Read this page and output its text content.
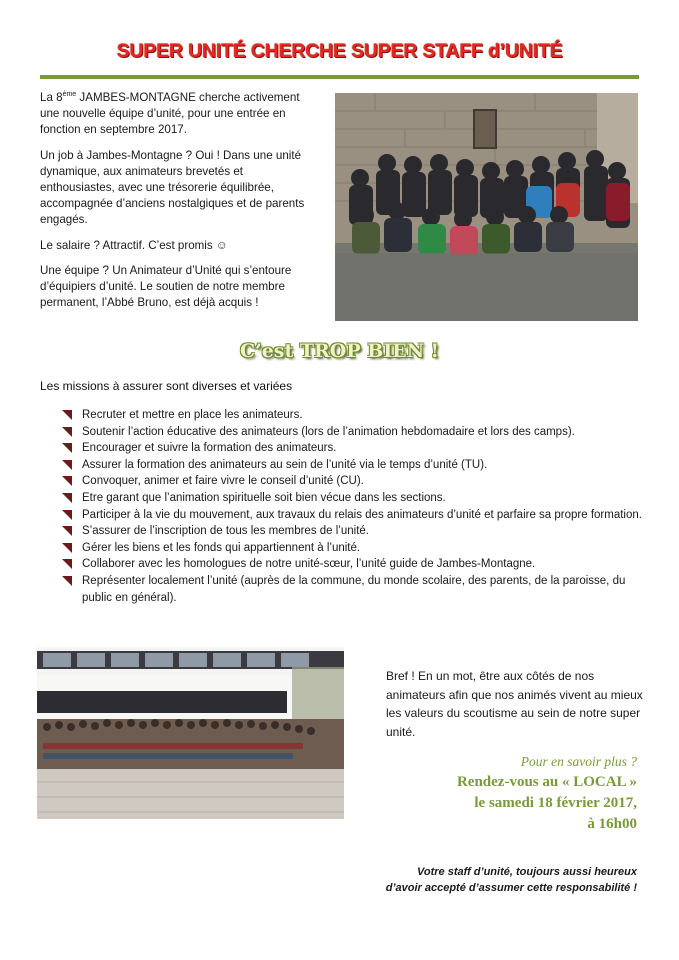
SUPER UNITÉ CHERCHE SUPER STAFF d’UNITÉ

La 8ème JAMBES-MONTAGNE cherche activement une nouvelle équipe d’unité, pour une entrée en fonction en septembre 2017.

Un job à Jambes-Montagne ? Oui ! Dans une unité dynamique, aux animateurs brevetés et enthousiastes, avec une trésorerie équilibrée, accompagnée d’anciens nostalgiques et de parents engagés.

Le salaire ? Attractif. C’est promis ☺

Une équipe ? Un Animateur d’Unité qui s’entoure d’équipiers d’unité. Le soutien de notre membre permanent, l’Abbé Bruno, est déjà acquis !

C’est TROP BIEN !
Les missions à assurer sont diverses et variées
Recruter et mettre en place les animateurs.
Soutenir l’action éducative des animateurs (lors de l’animation hebdomadaire et lors des camps).
Encourager et suivre la formation des animateurs.
Assurer la formation des animateurs au sein de l’unité via le temps d’unité (TU).
Convoquer, animer et faire vivre le conseil d’unité (CU).
Etre garant que l’animation spirituelle soit bien vécue dans les sections.
Participer à la vie du mouvement, aux travaux du relais des animateurs d’unité et parfaire sa propre formation.
S’assurer de l’inscription de tous les membres de l’unité.
Gérer les biens et les fonds qui appartiennent à l’unité.
Collaborer avec les homologues de notre unité-sœur, l’unité guide de Jambes-Montagne.
Représenter localement l’unité (auprès de la commune, du monde scolaire, des parents, de la paroisse, du public en général).
Bref ! En un mot, être aux côtés de nos animateurs afin que nos animés vivent au mieux les valeurs du scoutisme au sein de notre super unité.
Pour en savoir plus ?
Rendez-vous au « LOCAL »
le samedi 18 février 2017,
à 16h00
Votre staff d’unité, toujours aussi heureux
d’avoir accepté d’assumer cette responsabilité !
